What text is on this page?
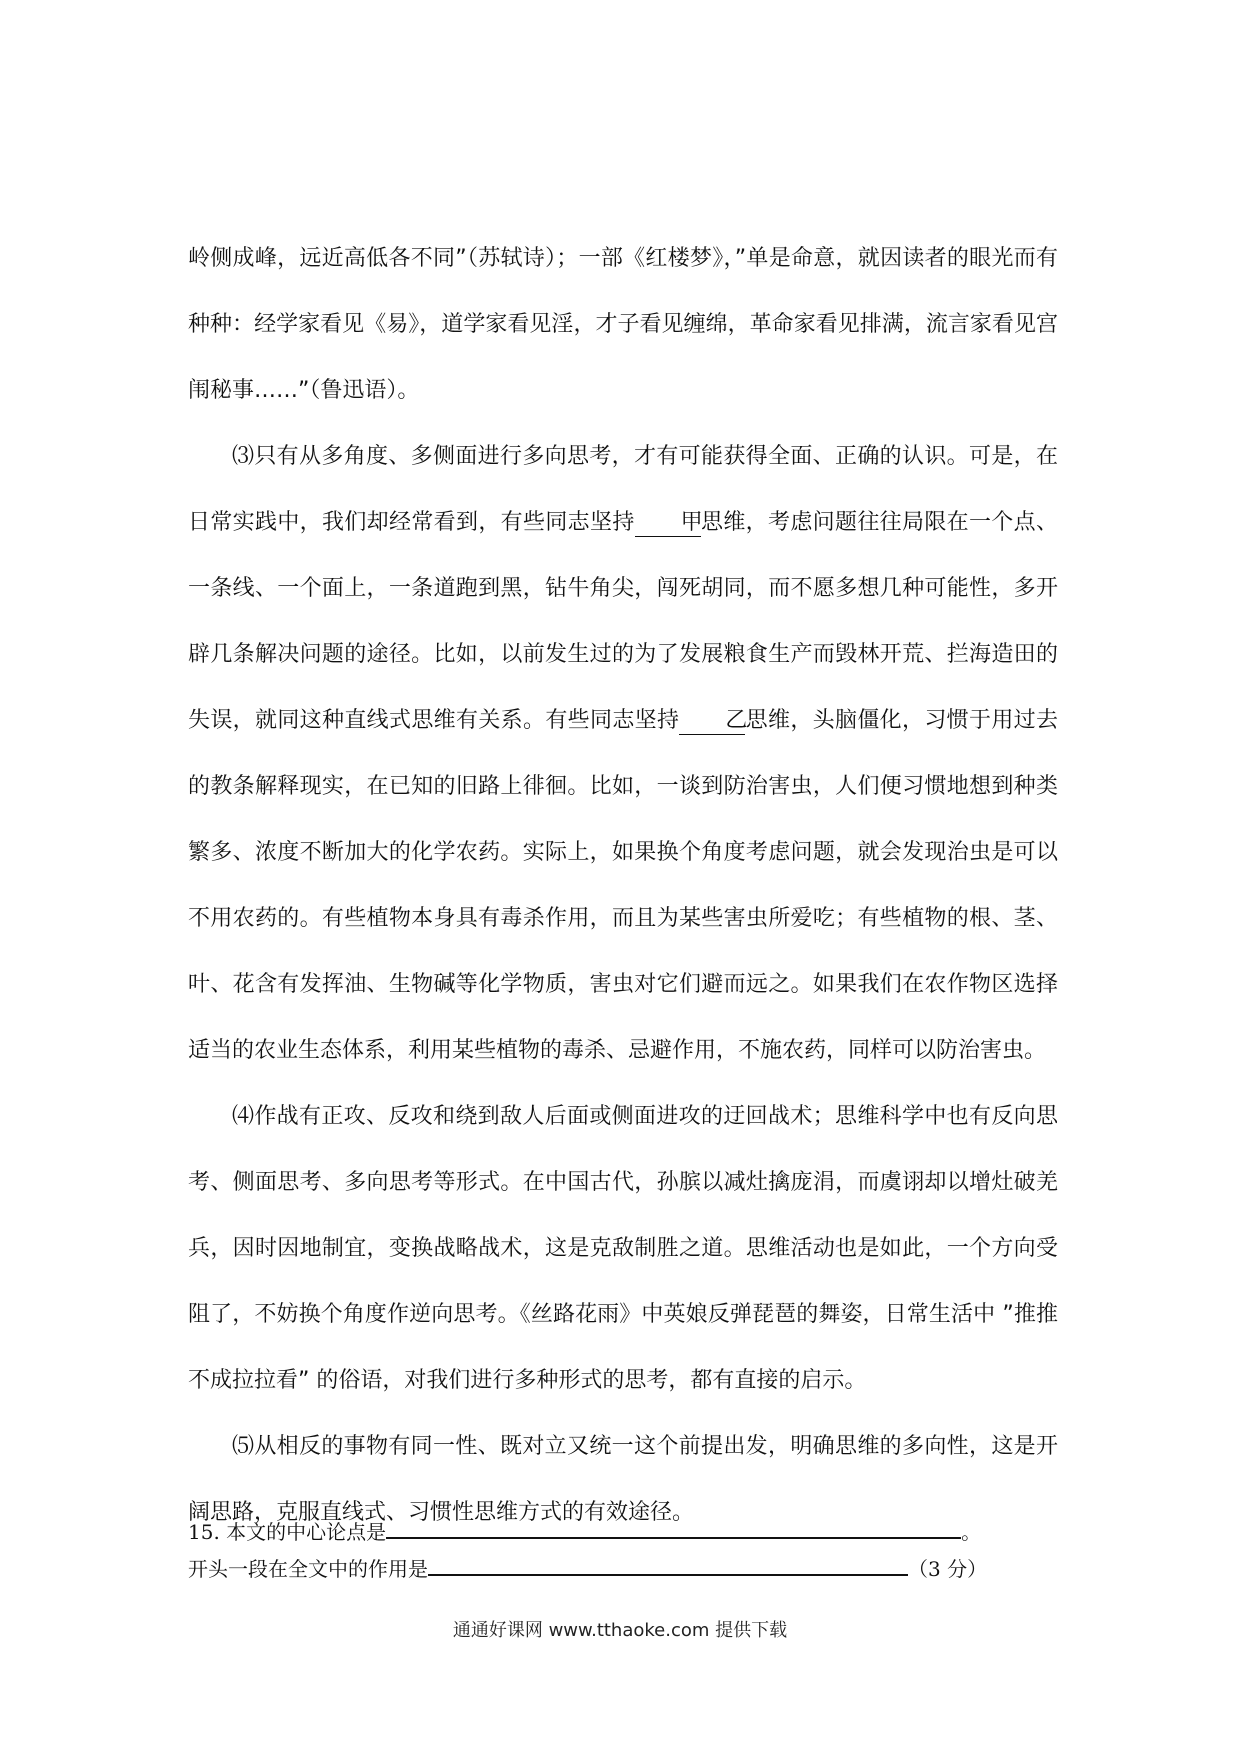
岭侧成峰，远近高低各不同”（苏轼诗）；一部《红楼梦》，”单是命意，就因读者的眼光而有种种：经学家看见《易》，道学家看见淫，才子看见缠绵，革命家看见排满，流言家看见宫闱秘事……”（鲁迅语）。

⑶只有从多角度、多侧面进行多向思考，才有可能获得全面、正确的认识。可是，在日常实践中，我们却经常看到，有些同志坚持 甲思维，考虑问题往往局限在一个点、一条线、一个面上，一条道跑到黑，钻牛角尖，闯死胡同，而不愿多想几种可能性，多开辟几条解决问题的途径。比如，以前发生过的为了发展粮食生产而毁林开荒、拦海造田的失误，就同这种直线式思维有关系。有些同志坚持 乙思维，头脑僵化，习惯于用过去的教条解释现实，在已知的旧路上徘徊。比如，一谈到防治害虫，人们便习惯地想到种类繁多、浓度不断加大的化学农药。实际上，如果换个角度考虑问题，就会发现治虫是可以不用农药的。有些植物本身具有毒杀作用，而且为某些害虫所爱吃；有些植物的根、茎、叶、花含有发挥油、生物碱等化学物质，害虫对它们避而远之。如果我们在农作物区选择适当的农业生态体系，利用某些植物的毒杀、忌避作用，不施农药，同样可以防治害虫。

⑷作战有正攻、反攻和绕到敌人后面或侧面进攻的迂回战术；思维科学中也有反向思考、侧面思考、多向思考等形式。在中国古代，孙膑以减灶擒庞涓，而虞诩却以增灶破羌兵，因时因地制宜，变换战略战术，这是克敌制胜之道。思维活动也是如此，一个方向受阻了，不妨换个角度作逆向思考。《丝路花雨》中英娘反弹琵琶的舞姿，日常生活中 ”推推不成拉拉看” 的俗语，对我们进行多种形式的思考，都有直接的启示。

⑸从相反的事物有同一性、既对立又统一这个前提出发，明确思维的多向性，这是开阔思路，克服直线式、习惯性思维方式的有效途径。

15. 本文的中心论点是	。
开头一段在全文中的作用是	（3 分）
通通好课网 www.tthaoke.com 提供下载
